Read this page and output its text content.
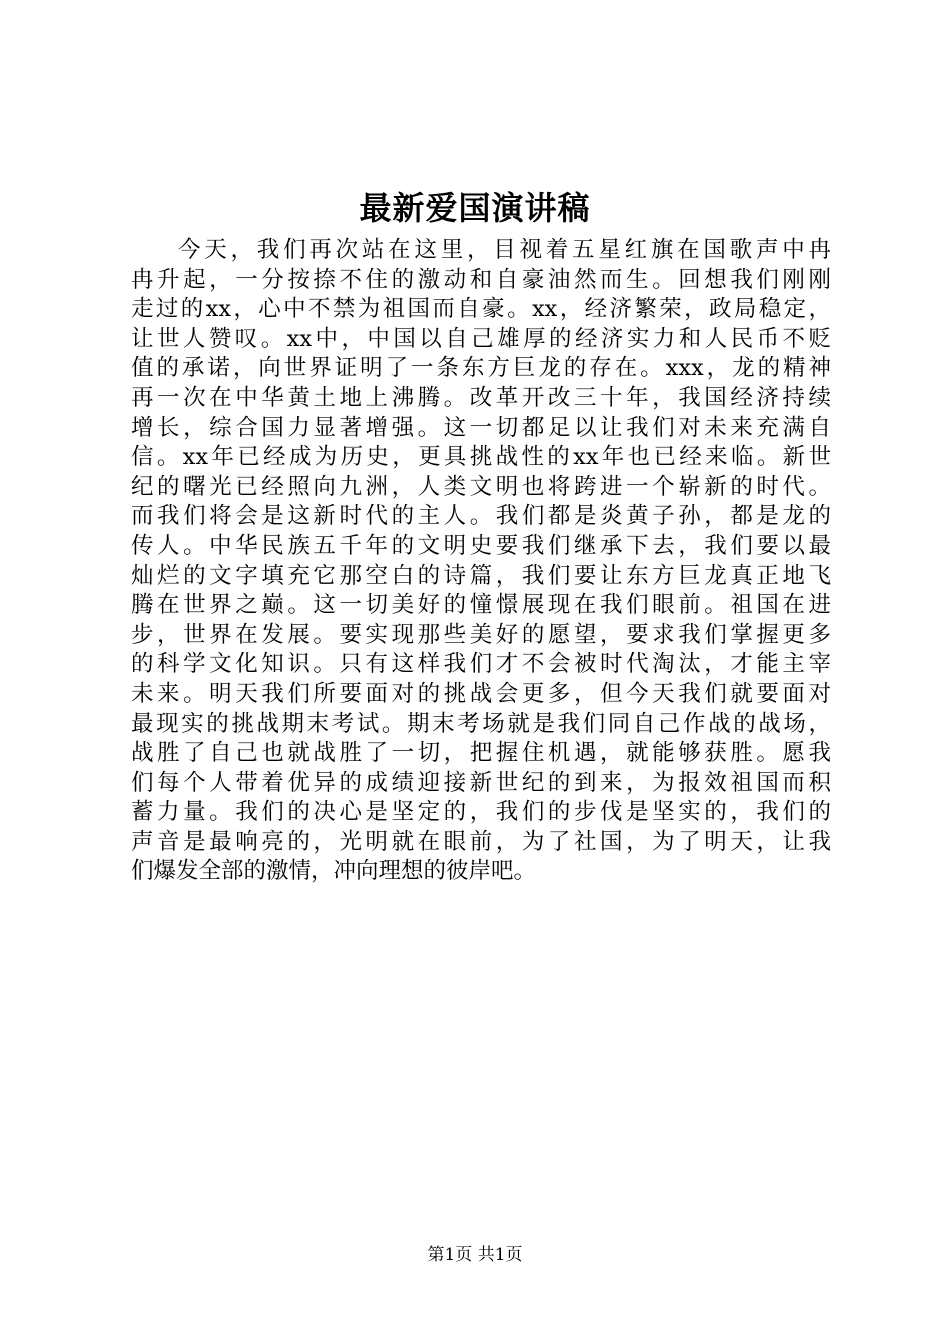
最新爱国演讲稿
今天，我们再次站在这里，目视着五星红旗在国歌声中冉
冉升起，一分按捺不住的激动和自豪油然而生。回想我们刚刚
走过的xx，心中不禁为祖国而自豪。xx，经济繁荣，政局稳定，
让世人赞叹。xx中，中国以自己雄厚的经济实力和人民币不贬
值的承诺，向世界证明了一条东方巨龙的存在。xxx，龙的精神
再一次在中华黄土地上沸腾。改革开改三十年，我国经济持续
增长，综合国力显著增强。这一切都足以让我们对未来充满自
信。xx年已经成为历史，更具挑战性的xx年也已经来临。新世
纪的曙光已经照向九洲，人类文明也将跨进一个崭新的时代。
而我们将会是这新时代的主人。我们都是炎黄子孙，都是龙的
传人。中华民族五千年的文明史要我们继承下去，我们要以最
灿烂的文字填充它那空白的诗篇，我们要让东方巨龙真正地飞
腾在世界之巅。这一切美好的憧憬展现在我们眼前。祖国在进
步，世界在发展。要实现那些美好的愿望，要求我们掌握更多
的科学文化知识。只有这样我们才不会被时代淘汰，才能主宰
未来。明天我们所要面对的挑战会更多，但今天我们就要面对
最现实的挑战期末考试。期末考场就是我们同自己作战的战场，
战胜了自己也就战胜了一切，把握住机遇，就能够获胜。愿我
们每个人带着优异的成绩迎接新世纪的到来，为报效祖国而积
蓄力量。我们的决心是坚定的，我们的步伐是坚实的，我们的
声音是最响亮的，光明就在眼前，为了社国，为了明天，让我
们爆发全部的激情，冲向理想的彼岸吧。
第1页 共1页
